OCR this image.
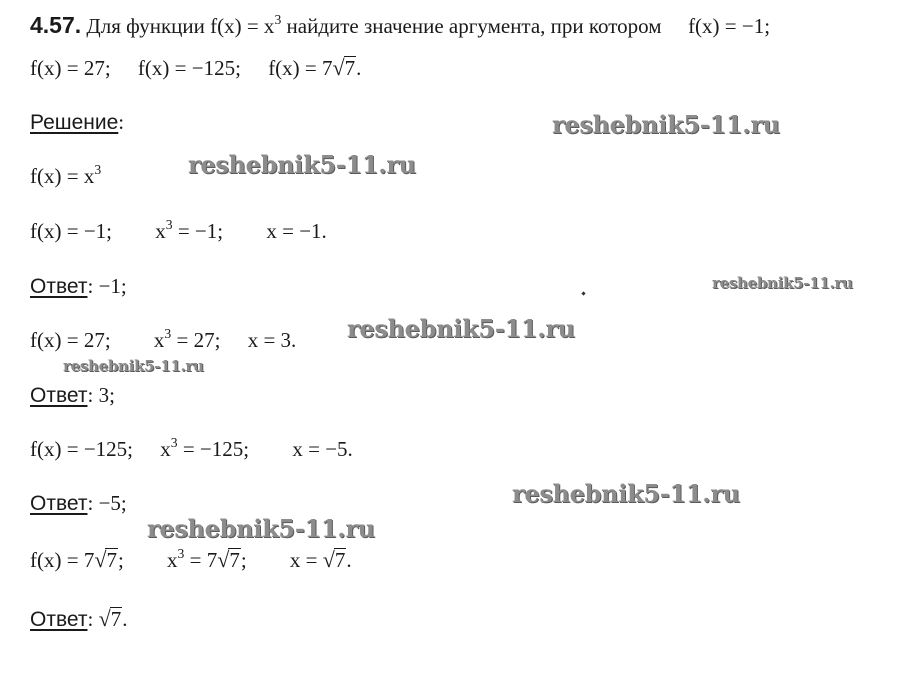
4.57. Для функции $f(x) = x^3$ найдите значение аргумента, при котором f(x) = −1;
f(x) = 27; f(x) = −125; f(x) = 7 √ 7 .
Решение:
$f(x) = x^3$
f(x) = −1; $x^3 = -1$; x = −1.
Ответ: −1;
f(x) = 27; $x^3 = 27$; x = 3.
Ответ: 3;
f(x) = −125; $x^3 = -125$; x = −5.
Ответ: −5;
f(x) = 7 √ 7 ; $x^3 = 7$ √ 7 ; x = √ 7 .
Ответ: √ 7 .
reshebnik5-11.ru
reshebnik5-11.ru
reshebnik5-11.ru
reshebnik5-11.ru
reshebnik5-11.ru
reshebnik5-11.ru
reshebnik5-11.ru
